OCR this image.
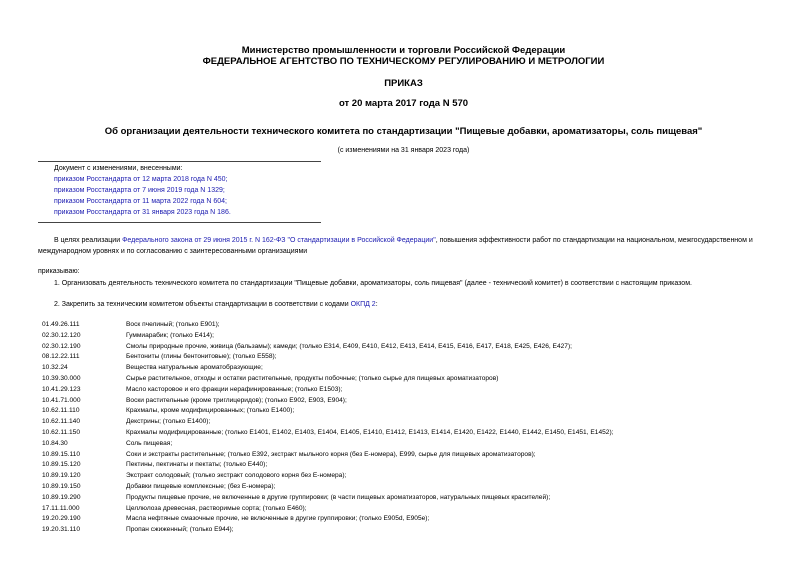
Министерство промышленности и торговли Российской Федерации
ФЕДЕРАЛЬНОЕ АГЕНТСТВО ПО ТЕХНИЧЕСКОМУ РЕГУЛИРОВАНИЮ И МЕТРОЛОГИИ
ПРИКАЗ
от 20 марта 2017 года N 570
Об организации деятельности технического комитета по стандартизации "Пищевые добавки, ароматизаторы, соль пищевая"
(с изменениями на 31 января 2023 года)
Документ с изменениями, внесенными:
приказом Росстандарта от 12 марта 2018 года N 450;
приказом Росстандарта от 7 июня 2019 года N 1329;
приказом Росстандарта от 11 марта 2022 года N 604;
приказом Росстандарта от 31 января 2023 года N 186.
В целях реализации Федерального закона от 29 июня 2015 г. N 162-ФЗ "О стандартизации в Российской Федерации", повышения эффективности работ по стандартизации на национальном, межгосударственном и
международном уровнях и по согласованию с заинтересованными организациями
приказываю:
1. Организовать деятельность технического комитета по стандартизации "Пищевые добавки, ароматизаторы, соль пищевая" (далее - технический комитет) в соответствии с настоящим приказом.
2. Закрепить за техническим комитетом объекты стандартизации в соответствии с кодами ОКПД 2:
01.49.26.111	Воск пчелиный; (только E901);
02.30.12.120	Гуммиарабик; (только E414);
02.30.12.190	Смолы природные прочие, живица (бальзамы); камеди; (только E314, E409, E410, E412, E413, E414, E415, E416, E417, E418, E425, E426, E427);
08.12.22.111	Бентониты (глины бентонитовые); (только E558);
10.32.24	Вещества натуральные ароматобразующие;
10.39.30.000	Сырье растительное, отходы и остатки растительные, продукты побочные; (только сырье для пищевых ароматизаторов)
10.41.29.123	Масло касторовое и его фракции нерафинированные; (только E1503);
10.41.71.000	Воски растительные (кроме триглицеридов); (только E902, E903, E904);
10.62.11.110	Крахмалы, кроме модифицированных; (только E1400);
10.62.11.140	Декстрины; (только E1400);
10.62.11.150	Крахмалы модифицированные; (только E1401, E1402, E1403, E1404, E1405, E1410, E1412, E1413, E1414, E1420, E1422, E1440, E1442, E1450, E1451, E1452);
10.84.30	Соль пищевая;
10.89.15.110	Соки и экстракты растительные; (только E392, экстракт мыльного корня (без E-номера), E999, сырье для пищевых ароматизаторов);
10.89.15.120	Пектины, пектинаты и пектаты; (только E440);
10.89.19.120	Экстракт солодовый; (только экстракт солодового корня без E-номера);
10.89.19.150	Добавки пищевые комплексные; (без E-номера);
10.89.19.290	Продукты пищевые прочие, не включенные в другие группировки; (в части пищевых ароматизаторов, натуральных пищевых красителей);
17.11.11.000	Целлюлоза древесная, растворимые сорта; (только E460);
19.20.29.190	Масла нефтяные смазочные прочие, не включенные в другие группировки; (только E905d, E905e);
19.20.31.110	Пропан сжиженный; (только E944);
